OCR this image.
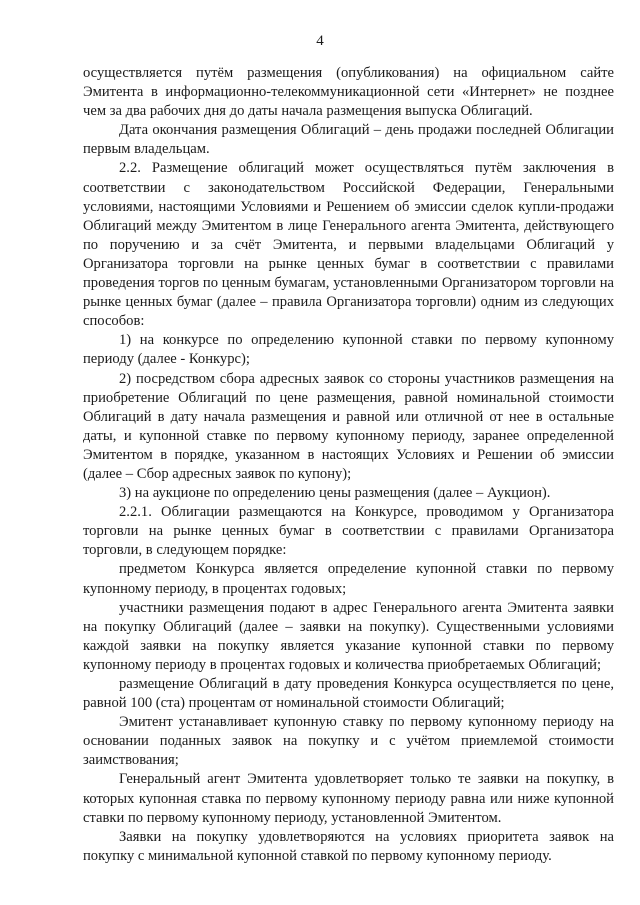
4

осуществляется путём размещения (опубликования) на официальном сайте Эмитента в информационно-телекоммуникационной сети «Интернет» не позднее чем за два рабочих дня до даты начала размещения выпуска Облигаций.

Дата окончания размещения Облигаций – день продажи последней Облигации первым владельцам.

2.2. Размещение облигаций может осуществляться путём заключения в соответствии с законодательством Российской Федерации, Генеральными условиями, настоящими Условиями и Решением об эмиссии сделок купли-продажи Облигаций между Эмитентом в лице Генерального агента Эмитента, действующего по поручению и за счёт Эмитента, и первыми владельцами Облигаций у Организатора торговли на рынке ценных бумаг в соответствии с правилами проведения торгов по ценным бумагам, установленными Организатором торговли на рынке ценных бумаг (далее – правила Организатора торговли) одним из следующих способов:

1) на конкурсе по определению купонной ставки по первому купонному периоду (далее - Конкурс);

2) посредством сбора адресных заявок со стороны участников размещения на приобретение Облигаций по цене размещения, равной номинальной стоимости Облигаций в дату начала размещения и равной или отличной от нее в остальные даты, и купонной ставке по первому купонному периоду, заранее определенной Эмитентом в порядке, указанном в настоящих Условиях и Решении об эмиссии (далее – Сбор адресных заявок по купону);

3) на аукционе по определению цены размещения (далее – Аукцион).

2.2.1. Облигации размещаются на Конкурсе, проводимом у Организатора торговли на рынке ценных бумаг в соответствии с правилами Организатора торговли, в следующем порядке:

предметом Конкурса является определение купонной ставки по первому купонному периоду, в процентах годовых;

участники размещения подают в адрес Генерального агента Эмитента заявки на покупку Облигаций (далее – заявки на покупку). Существенными условиями каждой заявки на покупку является указание купонной ставки по первому купонному периоду в процентах годовых и количества приобретаемых Облигаций;

размещение Облигаций в дату проведения Конкурса осуществляется по цене, равной 100 (ста) процентам от номинальной стоимости Облигаций;

Эмитент устанавливает купонную ставку по первому купонному периоду на основании поданных заявок на покупку и с учётом приемлемой стоимости заимствования;

Генеральный агент Эмитента удовлетворяет только те заявки на покупку, в которых купонная ставка по первому купонному периоду равна или ниже купонной ставки по первому купонному периоду, установленной Эмитентом.

Заявки на покупку удовлетворяются на условиях приоритета заявок на покупку с минимальной купонной ставкой по первому купонному периоду.
